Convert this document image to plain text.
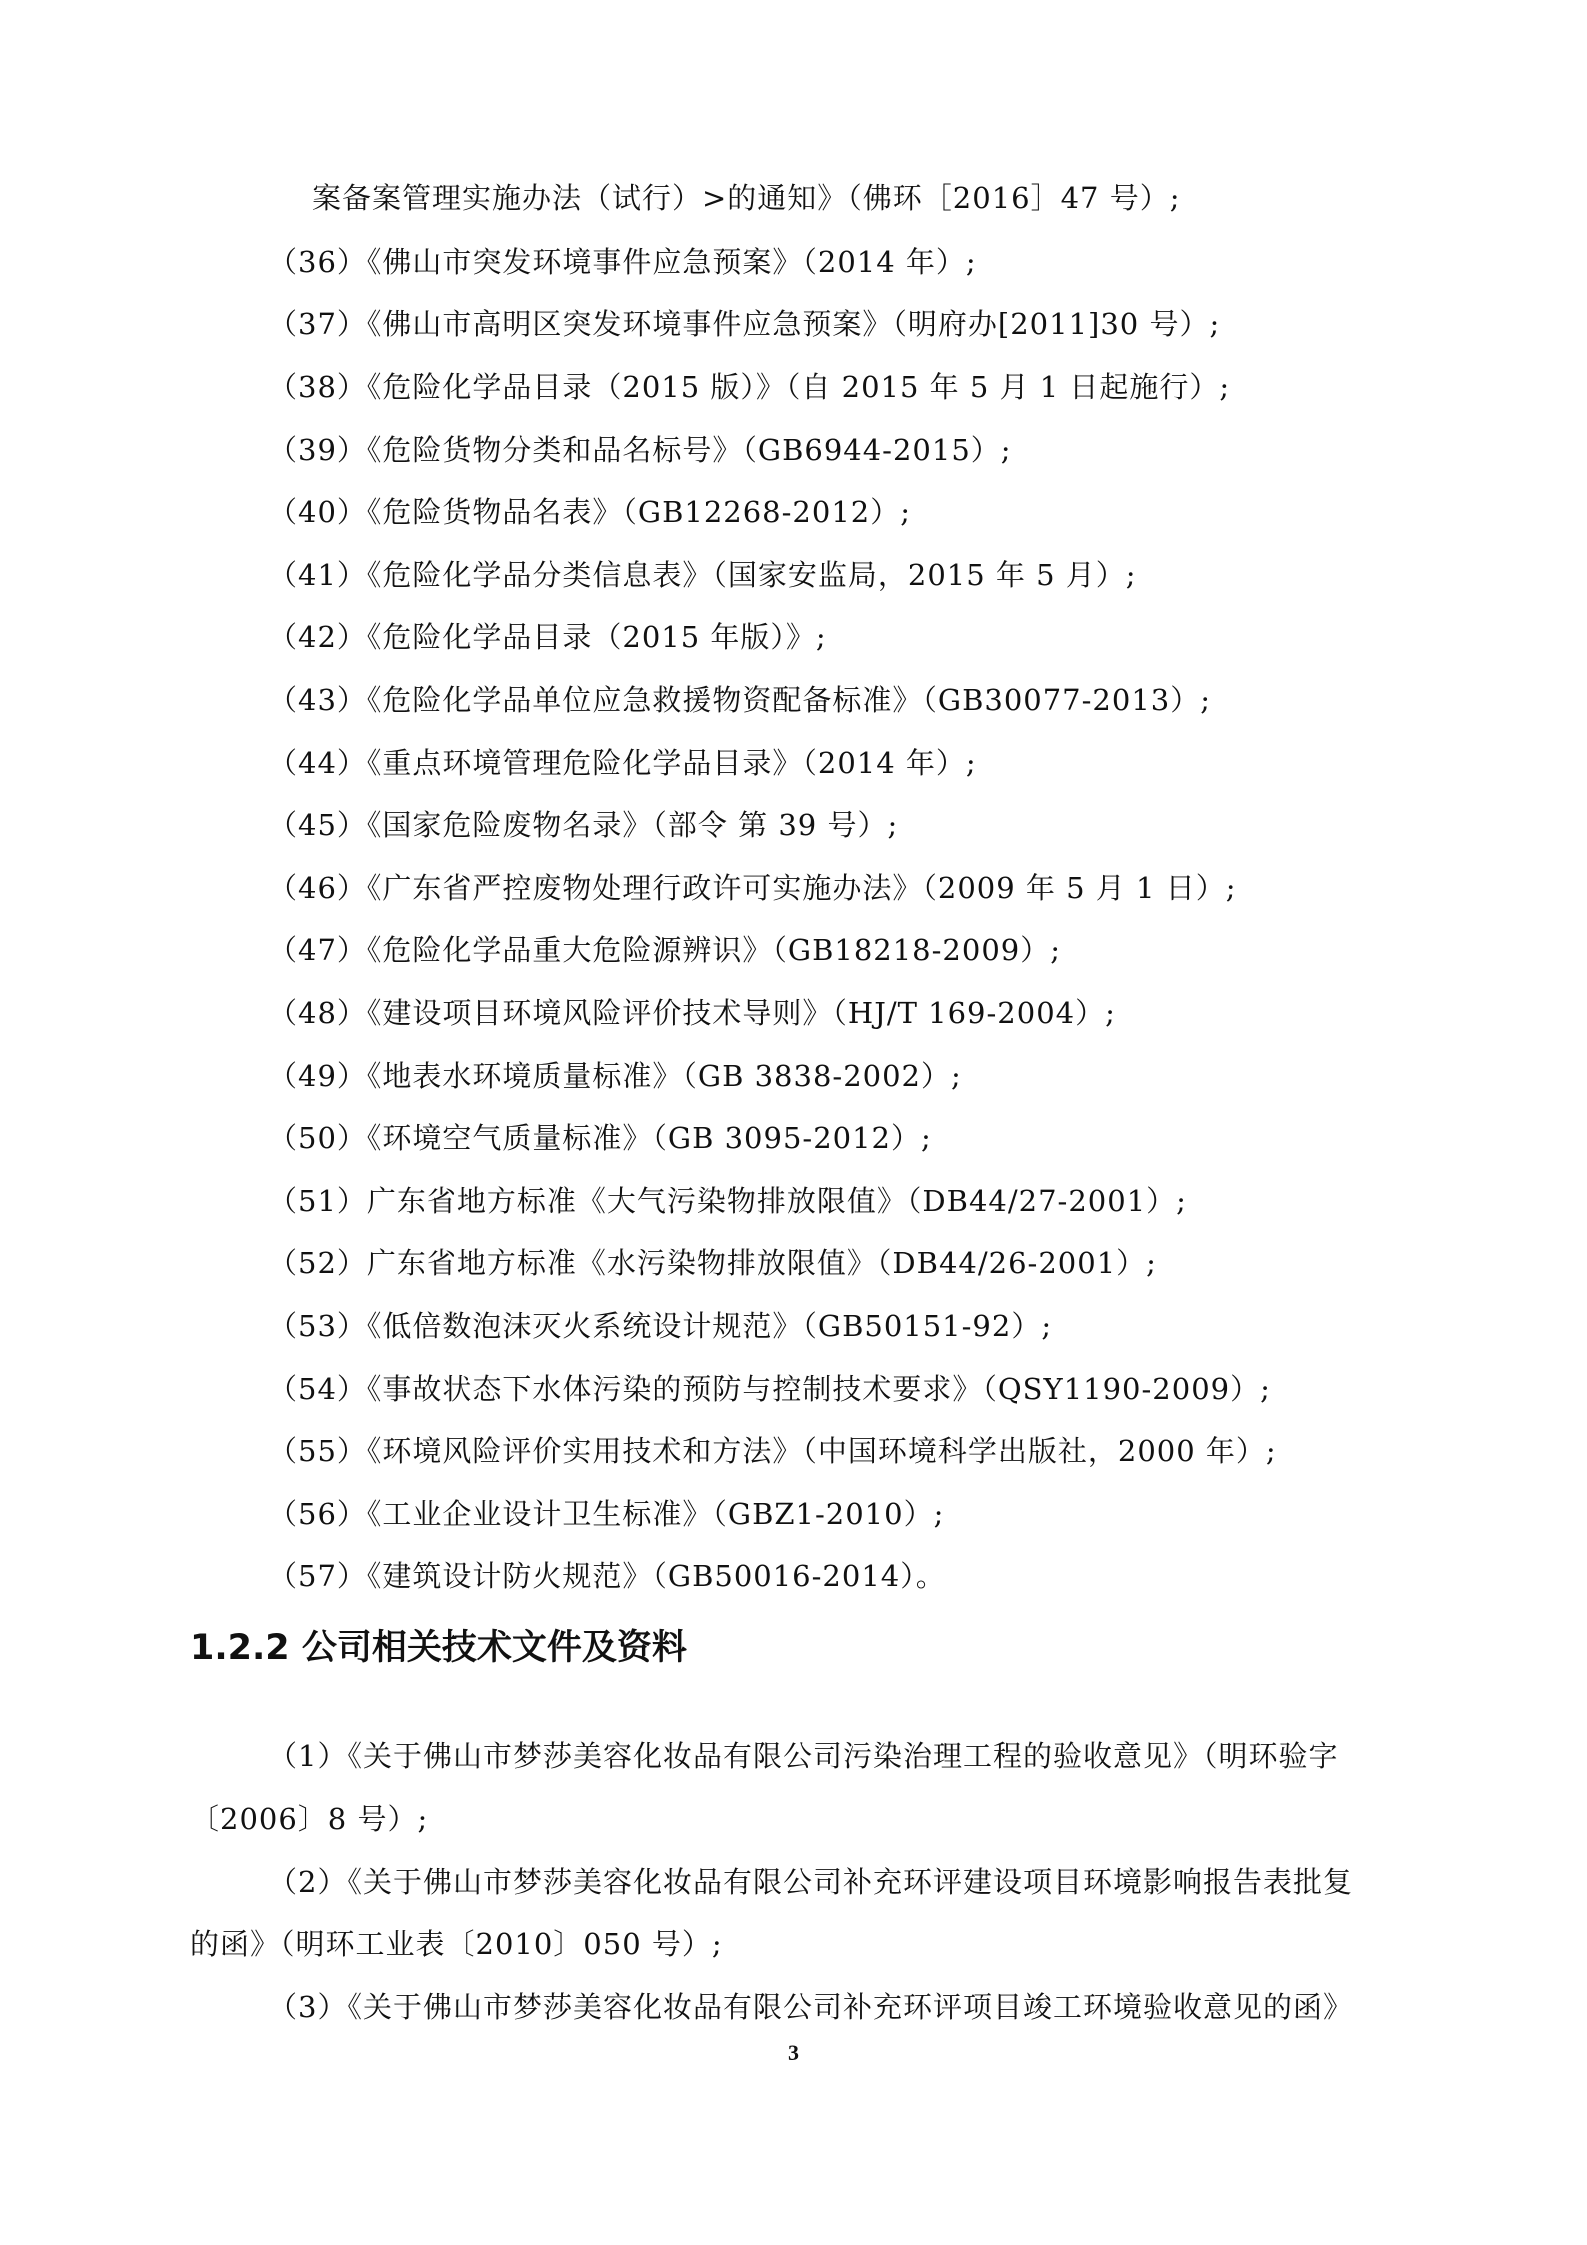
案备案管理实施办法（试行）>的通知》（佛环［2016］47 号）;
（36）《佛山市突发环境事件应急预案》（2014 年）;
（37）《佛山市高明区突发环境事件应急预案》（明府办[2011]30 号）;
（38）《危险化学品目录（2015 版）》（自 2015 年 5 月 1 日起施行）;
（39）《危险货物分类和品名标号》（GB6944-2015）;
（40）《危险货物品名表》（GB12268-2012）;
（41）《危险化学品分类信息表》（国家安监局，2015 年 5 月）;
（42）《危险化学品目录（2015 年版）》;
（43）《危险化学品单位应急救援物资配备标准》（GB30077-2013）;
（44）《重点环境管理危险化学品目录》（2014 年）;
（45）《国家危险废物名录》（部令 第 39 号）;
（46）《广东省严控废物处理行政许可实施办法》（2009 年 5 月 1 日）;
（47）《危险化学品重大危险源辨识》（GB18218-2009）;
（48）《建设项目环境风险评价技术导则》（HJ/T 169-2004）;
（49）《地表水环境质量标准》（GB 3838-2002）;
（50）《环境空气质量标准》（GB 3095-2012）;
（51）广东省地方标准《大气污染物排放限值》（DB44/27-2001）;
（52）广东省地方标准《水污染物排放限值》（DB44/26-2001）;
（53）《低倍数泡沫灭火系统设计规范》（GB50151-92）;
（54）《事故状态下水体污染的预防与控制技术要求》（QSY1190-2009）;
（55）《环境风险评价实用技术和方法》（中国环境科学出版社，2000 年）;
（56）《工业企业设计卫生标准》（GBZ1-2010）;
（57）《建筑设计防火规范》（GB50016-2014）。
1.2.2 公司相关技术文件及资料
（1）《关于佛山市梦莎美容化妆品有限公司污染治理工程的验收意见》（明环验字
〔2006〕8 号）;
（2）《关于佛山市梦莎美容化妆品有限公司补充环评建设项目环境影响报告表批复
的函》（明环工业表〔2010〕050 号）;
（3）《关于佛山市梦莎美容化妆品有限公司补充环评项目竣工环境验收意见的函》
3
